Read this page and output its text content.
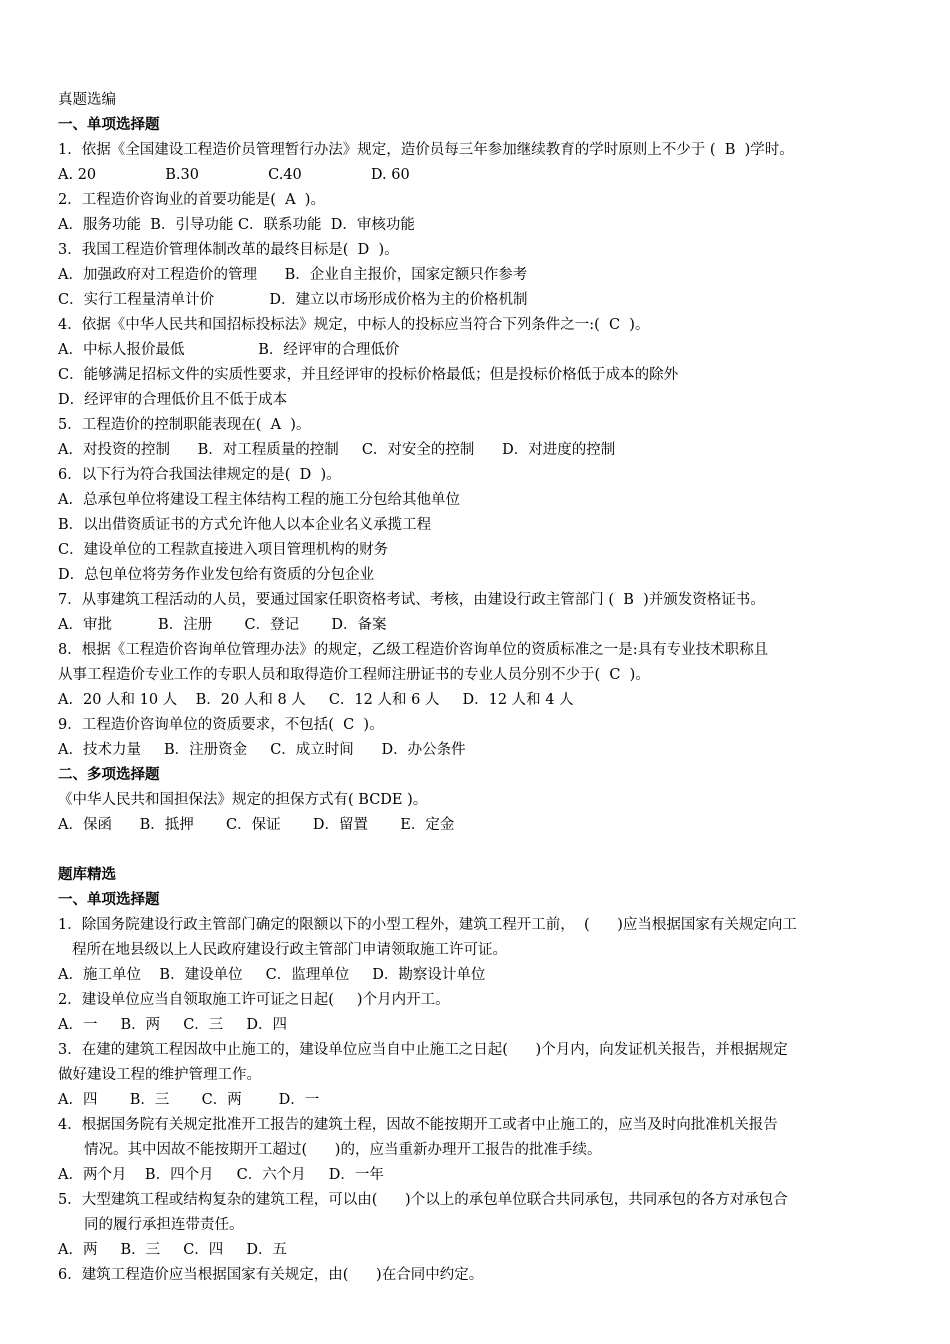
真题选编
一、单项选择题
1．依据《全国建设工程造价员管理暂行办法》规定，造价员每三年参加继续教育的学时原则上不少于 (  B  )学时。
A. 20               B.30               C.40               D. 60
2．工程造价咨询业的首要功能是(  A  )。
A．服务功能  B．引导功能 C．联系功能  D．审核功能
3．我国工程造价管理体制改革的最终目标是(  D  )。
A．加强政府对工程造价的管理      B．企业自主报价，国家定额只作参考
C．实行工程量清单计价            D．建立以市场形成价格为主的价格机制
4．依据《中华人民共和国招标投标法》规定，中标人的投标应当符合下列条件之一:(  C  )。
A．中标人报价最低                B．经评审的合理低价
C．能够满足招标文件的实质性要求，并且经评审的投标价格最低；但是投标价格低于成本的除外
D．经评审的合理低价且不低于成本
5．工程造价的控制职能表现在(  A  )。
A．对投资的控制      B．对工程质量的控制     C．对安全的控制      D．对进度的控制
6．以下行为符合我国法律规定的是(  D  )。
A．总承包单位将建设工程主体结构工程的施工分包给其他单位
B．以出借资质证书的方式允许他人以本企业名义承揽工程
C．建设单位的工程款直接进入项目管理机构的财务
D．总包单位将劳务作业发包给有资质的分包企业
7．从事建筑工程活动的人员，要通过国家任职资格考试、考核，由建设行政主管部门 (  B  )并颁发资格证书。
A．审批          B．注册       C．登记       D．备案
8．根据《工程造价咨询单位管理办法》的规定，乙级工程造价咨询单位的资质标准之一是:具有专业技术职称且
从事工程造价专业工作的专职人员和取得造价工程师注册证书的专业人员分别不少于(  C  )。
A．20 人和 10 人    B．20 人和 8 人     C．12 人和 6 人     D．12 人和 4 人
9．工程造价咨询单位的资质要求，不包括(  C  )。
A．技术力量     B．注册资金     C．成立时间      D．办公条件
二、多项选择题
《中华人民共和国担保法》规定的担保方式有( BCDE )。
A．保函      B．抵押       C．保证       D．留置       E．定金
题库精选
一、单项选择题
1．除国务院建设行政主管部门确定的限额以下的小型工程外，建筑工程开工前，  (      )应当根据国家有关规定向工
程所在地县级以上人民政府建设行政主管部门申请领取施工许可证。
A．施工单位    B．建设单位     C．监理单位     D．勘察设计单位
2．建设单位应当自领取施工许可证之日起(     )个月内开工。
A．一     B．两     C．三     D．四
3．在建的建筑工程因故中止施工的，建设单位应当自中止施工之日起(      )个月内，向发证机关报告，并根据规定
做好建设工程的维护管理工作。
A．四       B．三       C．两        D．一
4．根据国务院有关规定批准开工报告的建筑土程，因故不能按期开工或者中止施工的，应当及时向批准机关报告
情况。其中因故不能按期开工超过(      )的，应当重新办理开工报告的批准手续。
A．两个月    B．四个月     C．六个月     D．一年
5．大型建筑工程或结构复杂的建筑工程，可以由(      )个以上的承包单位联合共同承包，共同承包的各方对承包合
同的履行承担连带责任。
A．两     B．三     C．四     D．五
6．建筑工程造价应当根据国家有关规定，由(      )在合同中约定。
